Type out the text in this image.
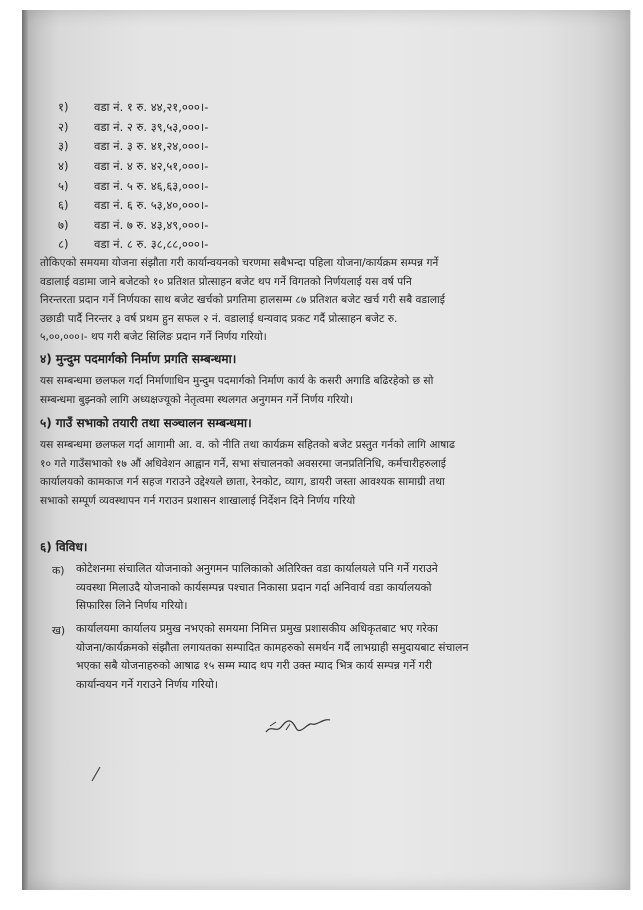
१)	वडा नं. १ रु. ४४,२१,०००।-
२)	वडा नं. २ रु. ३९,५३,०००।-
३)	वडा नं. ३ रु. ४१,२४,०००।-
४)	वडा नं. ४ रु. ४२,५१,०००।-
५)	वडा नं. ५ रु. ४६,६३,०००।-
६)	वडा नं. ६ रु. ५३,४०,०००।-
७)	वडा नं. ७ रु. ४३,४९,०००।-
८)	वडा नं. ८ रु. ३८,८८,०००।-
तोकिएको समयमा योजना संझौता गरी कार्यान्वयनको चरणमा सबैभन्दा पहिला योजना/कार्यक्रम सम्पन्न गर्ने
वडालाई वडामा जाने बजेटको १० प्रतिशत प्रोत्साहन बजेट थप गर्ने विगतको निर्णयलाई यस वर्ष पनि
निरन्तरता प्रदान गर्ने निर्णयका साथ बजेट खर्चको प्रगतिमा हालसम्म ८७ प्रतिशत बजेट खर्च गरी सबै वडालाई
उछाडी पार्दै निरन्तर ३ वर्ष प्रथम हुन सफल २ नं. वडालाई धन्यवाद प्रकट गर्दै प्रोत्साहन बजेट रु.
५,००,०००।- थप गरी बजेट सिलिङ प्रदान गर्ने निर्णय गरियो।
४) मुन्दुम पदमार्गको निर्माण प्रगति सम्बन्धमा।
यस सम्बन्धमा छलफल गर्दा निर्माणाधिन मुन्दुम पदमार्गको निर्माण कार्य के कसरी अगाडि बढिरहेको छ सो
सम्बन्धमा बुझ्नको लागि अध्यक्षज्यूको नेतृत्वमा स्थलगत अनुगमन गर्ने निर्णय गरियो।
५) गाउँ सभाको तयारी तथा सञ्चालन सम्बन्धमा।
यस सम्बन्धमा छलफल गर्दा आगामी आ. व. को नीति तथा कार्यक्रम सहितको बजेट प्रस्तुत गर्नको लागि आषाढ
१० गते गाउँसभाको १७ औं अधिवेशन आह्वान गर्ने, सभा संचालनको अवसरमा जनप्रतिनिधि, कर्मचारीहरुलाई
कार्यालयको कामकाज गर्न सहज गराउने उद्देश्यले छाता, रेनकोट, व्याग, डायरी जस्ता आवश्यक सामाग्री तथा
सभाको सम्पूर्ण व्यवस्थापन गर्न गराउन प्रशासन शाखालाई निर्देशन दिने निर्णय गरियो
६) विविध।
क) कोटेशनमा संचालित योजनाको अनुगमन पालिकाको अतिरिक्त वडा कार्यालयले पनि गर्ने गराउने
व्यवस्था मिलाउदै योजनाको कार्यसम्पन्न पश्चात निकासा प्रदान गर्दा अनिवार्य वडा कार्यालयको
सिफारिस लिने निर्णय गरियो।
ख) कार्यालयमा कार्यालय प्रमुख नभएको समयमा निमित्त प्रमुख प्रशासकीय अधिकृतबाट भए गरेका
योजना/कार्यक्रमको संझौता लगायतका सम्पादित कामहरुको समर्थन गर्दै लाभग्राही समुदायबाट संचालन
भएका सबै योजनाहरुको आषाढ १५ सम्म म्याद थप गरी उक्त म्याद भित्र कार्य सम्पन्न गर्ने गरी
कार्यान्वयन गर्ने गराउने निर्णय गरियो।
